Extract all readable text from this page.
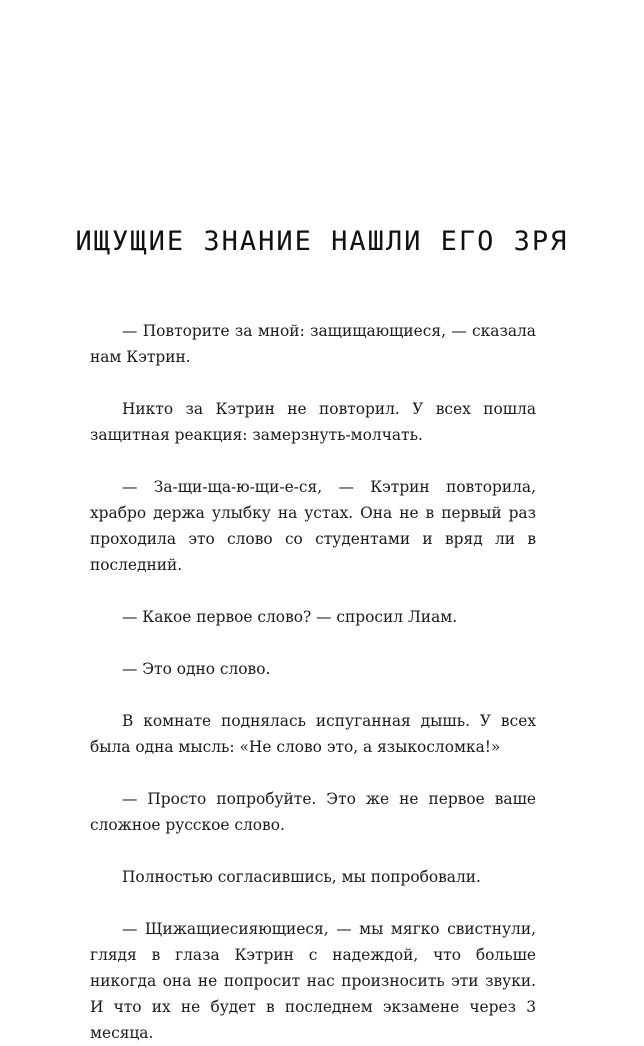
ИЩУЩИЕ ЗНАНИЕ НАШЛИ ЕГО ЗРЯ

— Повторите за мной: защищающиеся, — сказала нам Кэтрин.

Никто за Кэтрин не повторил. У всех пошла защитная реакция: замерзнуть-молчать.

— За-щи-ща-ю-щи-е-ся, — Кэтрин повторила, храбро держа улыбку на устах. Она не в первый раз проходила это слово со студентами и вряд ли в последний.

— Какое первое слово? — спросил Лиам.

— Это одно слово.

В комнате поднялась испуганная дышь. У всех была одна мысль: «Не слово это, а языкосломка!»

— Просто попробуйте. Это же не первое ваше сложное русское слово.

Полностью согласившись, мы попробовали.

— Щижащиесияющиеся, — мы мягко свистнули, глядя в глаза Кэтрин с надеждой, что больше никогда она не попросит нас произносить эти звуки. И что их не будет в последнем экзамене через 3 месяца.
